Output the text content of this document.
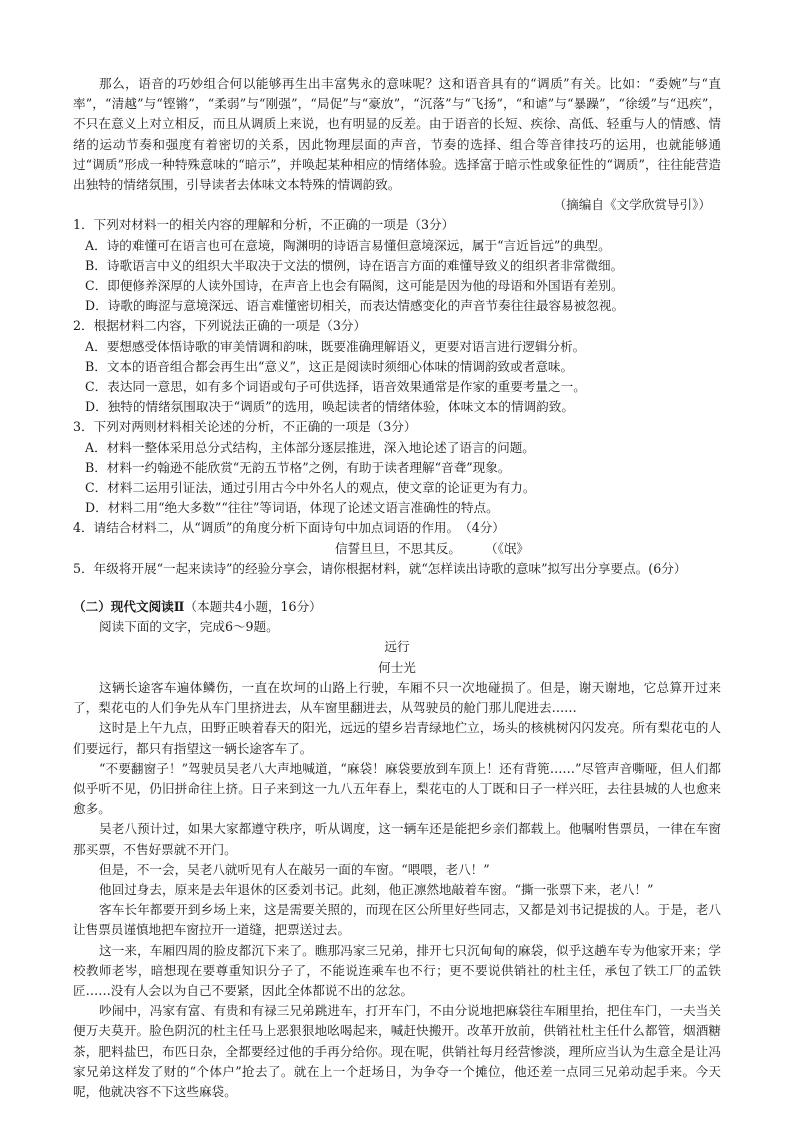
那么，语音的巧妙组合何以能够再生出丰富隽永的意味呢？这和语音具有的“调质”有关。比如：“委婉”与“直率”，“清越”与“铿锵”，“柔弱”与“刚强”，“局促”与“豪放”，“沉落”与“飞扬”，“和谑”与“暴躁”，“徐缓”与“迅疾”，不只在意义上对立相反，而且从调质上来说，也有明显的反差。由于语音的长短、疾徐、高低、轻重与人的情感、情绪的运动节奏和强度有着密切的关系，因此物理层面的声音，节奏的选择、组合等音律技巧的运用，也就能够通过“调质”形成一种特殊意味的“暗示”，并唤起某种相应的情绪体验。选择富于暗示性或象征性的“调质”，往往能营造出独特的情绪氛围，引导读者去体味文本特殊的情调韵致。

（摘编自《文学欣赏导引》）

1．下列对材料一的相关内容的理解和分析，不正确的一项是（3分）

A．诗的难懂可在语言也可在意境，陶渊明的诗语言易懂但意境深远，属于“言近旨远”的典型。

B．诗歌语言中义的组织大半取决于文法的惯例，诗在语言方面的难懂导致义的组织者非常微细。

C．即便修养深厚的人读外国诗，在声音上也会有隔阂，这可能是因为他的母语和外国语有差别。

D．诗歌的晦涩与意境深远、语言难懂密切相关，而表达情感变化的声音节奏往往最容易被忽视。

2．根据材料二内容，下列说法正确的一项是（3分）

A．要想感受体悟诗歌的审美情调和韵味，既要准确理解语义，更要对语言进行逻辑分析。

B．文本的语音组合都会再生出“意义”，这正是阅读时须细心体味的情调韵致或者意味。

C．表达同一意思，如有多个词语或句子可供选择，语音效果通常是作家的重要考量之一。

D．独特的情绪氛围取决于“调质”的选用，唤起读者的情绪体验，体味文本的情调韵致。

3．下列对两则材料相关论述的分析，不正确的一项是（3分）

A．材料一整体采用总分式结构，主体部分逐层推进，深入地论述了语言的问题。

B．材料一约翰逊不能欣赏“无韵五节格”之例，有助于读者理解“音聋”现象。

C．材料二运用引证法，通过引用古今中外名人的观点，使文章的论证更为有力。

D．材料二用“绝大多数”“往往”等词语，体现了论述文语言准确性的特点。

4．请结合材料二，从“调质”的角度分析下面诗句中加点词语的作用。　（4分）

信誓旦旦，不思其反。 （《氓》

5．年级将开展“一起来读诗”的经验分享会，请你根据材料，就“怎样读出诗歌的意味”拟写出分享要点。(6分）

（二）现代文阅读Ⅱ（本题共4小题，16分）

阅读下面的文字，完成6～9题。

远行

何士光

这辆长途客车遍体鳞伤，一直在坎坷的山路上行驶，车厢不只一次地碰损了。但是，谢天谢地，它总算开过来了，梨花屯的人们争先从车门里挤进去，从车窗里翻进去，从驾驶员的舱门那儿爬进去……

这时是上午九点，田野正映着春天的阳光，远远的望乡岩青绿地伫立，场头的核桃树闪闪发亮。所有梨花屯的人们要远行，都只有指望这一辆长途客车了。

“不要翻窗子！”驾驶员吴老八大声地喊道，“麻袋！麻袋要放到车顶上！还有背篼……”尽管声音嘶哑，但人们都似乎听不见，仍旧拼命往上挤。日子来到这一九八五年春上，梨花屯的人丁既和日子一样兴旺，去往县城的人也愈来愈多。

吴老八预计过，如果大家都遵守秩序，听从调度，这一辆车还是能把乡亲们都载上。他嘱咐售票员，一律在车窗那买票，不售好票就不开门。

但是，不一会，吴老八就听见有人在敲另一面的车窗。“喂喂，老八！”

他回过身去，原来是去年退休的区委刘书记。此刻，他正凛然地敲着车窗。“撕一张票下来，老八！”

客车长年都要开到乡场上来，这是需要关照的，而现在区公所里好些同志，又都是刘书记提拔的人。于是，老八让售票员谨慎地把车窗拉开一道缝，把票送过去。

这一来，车厢四周的脸皮都沉下来了。瞧那冯家三兄弟，排开七只沉甸甸的麻袋，似乎这趟车专为他家开来；学校教师老岑，暗想现在要尊重知识分子了，不能说连乘车也不行；更不要说供销社的杜主任，承包了铁工厂的孟铁匠……没有人会以为自己不要紧，因此全体都说不出的忿忿。

吵闹中，冯家有富、有贵和有禄三兄弟跳进车，打开车门，不由分说地把麻袋往车厢里抬，把住车门，一夫当关便万夫莫开。脸色阴沉的杜主任马上恶狠狠地吆喝起来，喊赶快搬开。改革开放前，供销社杜主任什么都管，烟酒糖茶，肥料盐巴，布匹日杂，全都要经过他的手再分给你。现在呢，供销社每月经营惨淡，理所应当认为生意全是让冯家兄弟这样发了财的“个体户”抢去了。就在上一个赶场日，为争夺一个摊位，他还差一点同三兄弟动起手来。今天呢，他就决容不下这些麻袋。
